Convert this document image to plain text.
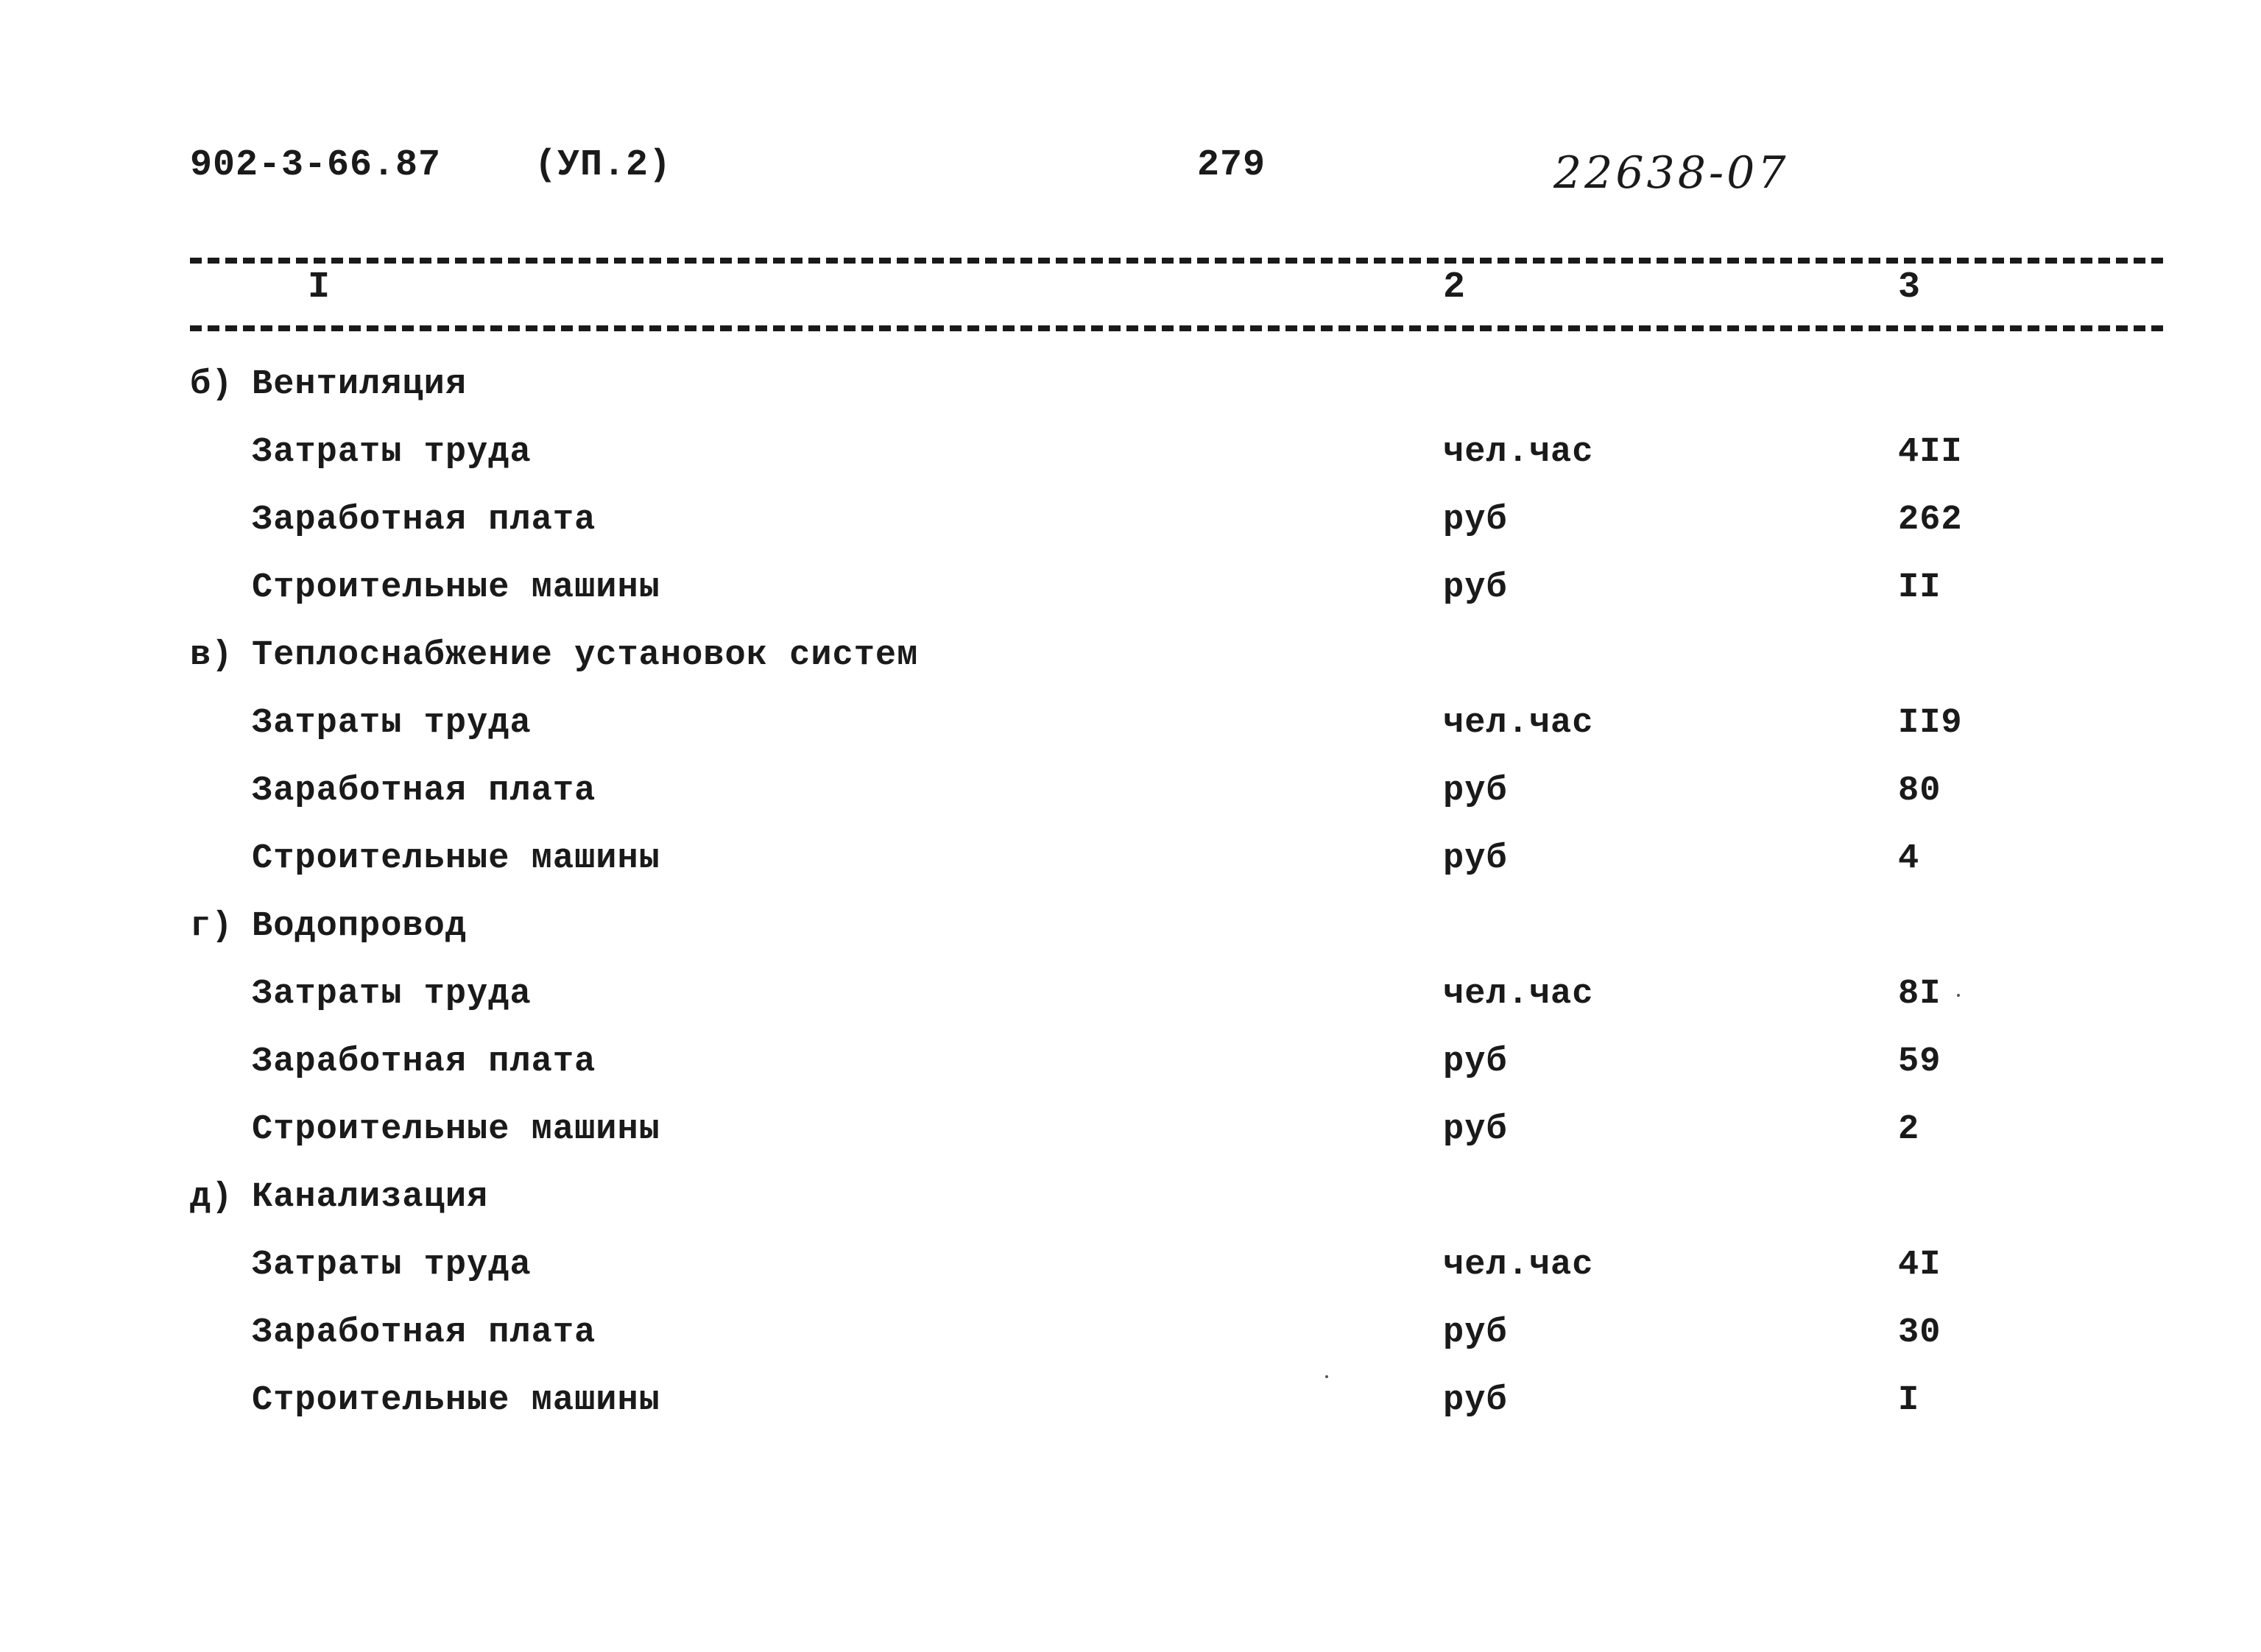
902-3-66.87	(УП.2)	279	22638-07
I	2	3
б) Вентиляция
Затраты труда	чел.час	4II
Заработная плата	руб	262
Строительные машины	руб	II
в) Теплоснабжение установок систем
Затраты труда	чел.час	II9
Заработная плата	руб	80
Строительные машины	руб	4
г) Водопровод
Затраты труда	чел.час	8I
Заработная плата	руб	59
Строительные машины	руб	2
д) Канализация
Затраты труда	чел.час	4I
Заработная плата	руб	30
Строительные машины	руб	I
